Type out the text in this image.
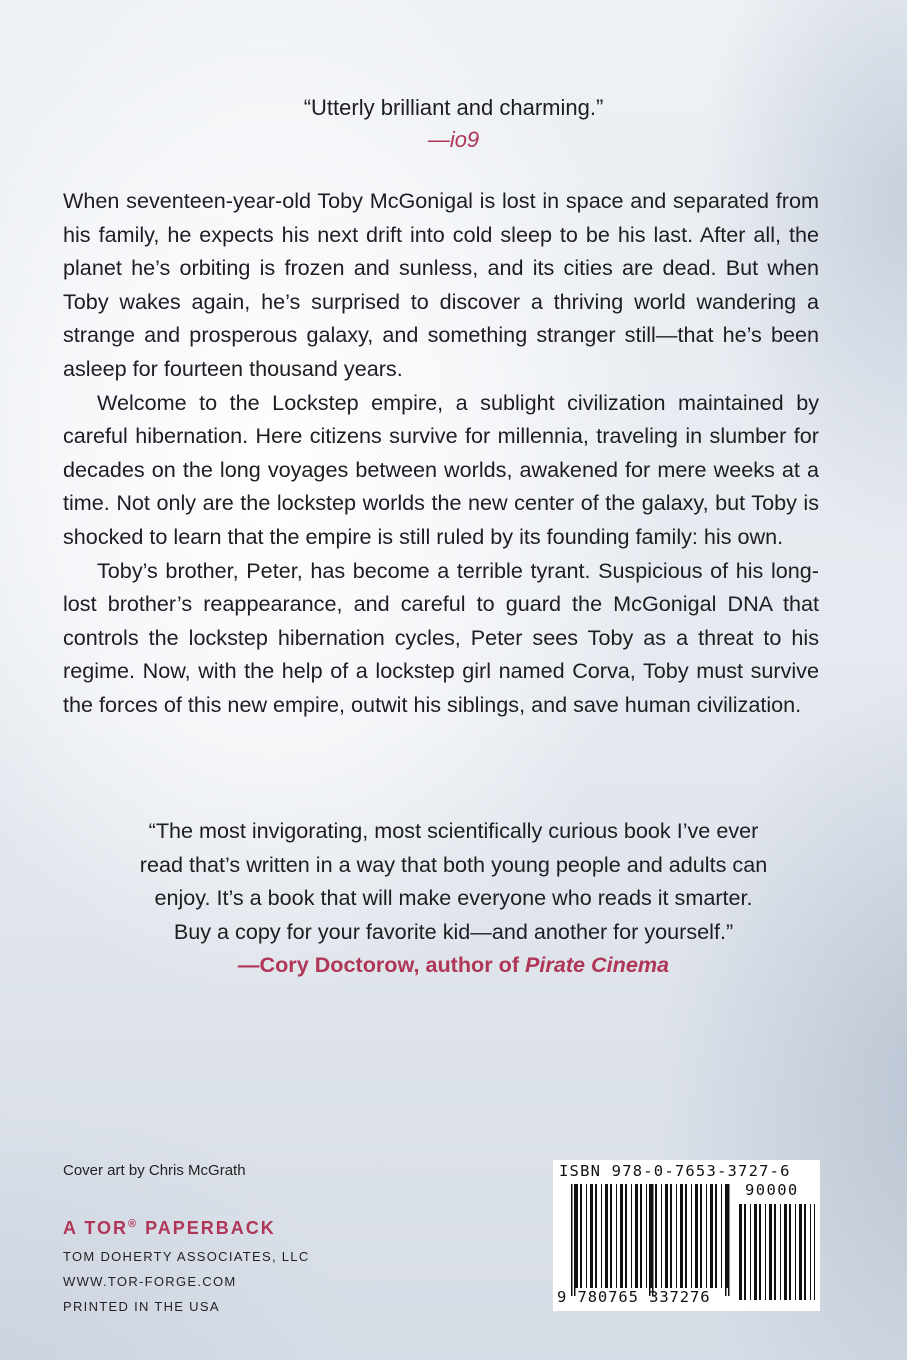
“Utterly brilliant and charming.”
—io9

When seventeen-year-old Toby McGonigal is lost in space and separated from his family, he expects his next drift into cold sleep to be his last. After all, the planet he’s orbiting is frozen and sunless, and its cities are dead. But when Toby wakes again, he’s surprised to discover a thriving world wandering a strange and prosperous galaxy, and something stranger still—that he’s been asleep for fourteen thousand years.

Welcome to the Lockstep empire, a sublight civilization maintained by careful hibernation. Here citizens survive for millennia, traveling in slumber for decades on the long voyages between worlds, awakened for mere weeks at a time. Not only are the lockstep worlds the new center of the galaxy, but Toby is shocked to learn that the empire is still ruled by its founding family: his own.

Toby’s brother, Peter, has become a terrible tyrant. Suspicious of his long-lost brother’s reappearance, and careful to guard the McGonigal DNA that controls the lockstep hibernation cycles, Peter sees Toby as a threat to his regime. Now, with the help of a lockstep girl named Corva, Toby must survive the forces of this new empire, outwit his siblings, and save human civilization.

“The most invigorating, most scientifically curious book I’ve ever
read that’s written in a way that both young people and adults can
enjoy. It’s a book that will make everyone who reads it smarter.
Buy a copy for your favorite kid—and another for yourself.”
—Cory Doctorow, author of Pirate Cinema
Cover art by Chris McGrath
A TOR® PAPERBACK
TOM DOHERTY ASSOCIATES, LLC
WWW.TOR-FORGE.COM
PRINTED IN THE USA
ISBN 978-0-7653-3727-6
90000
9 780765 337276
